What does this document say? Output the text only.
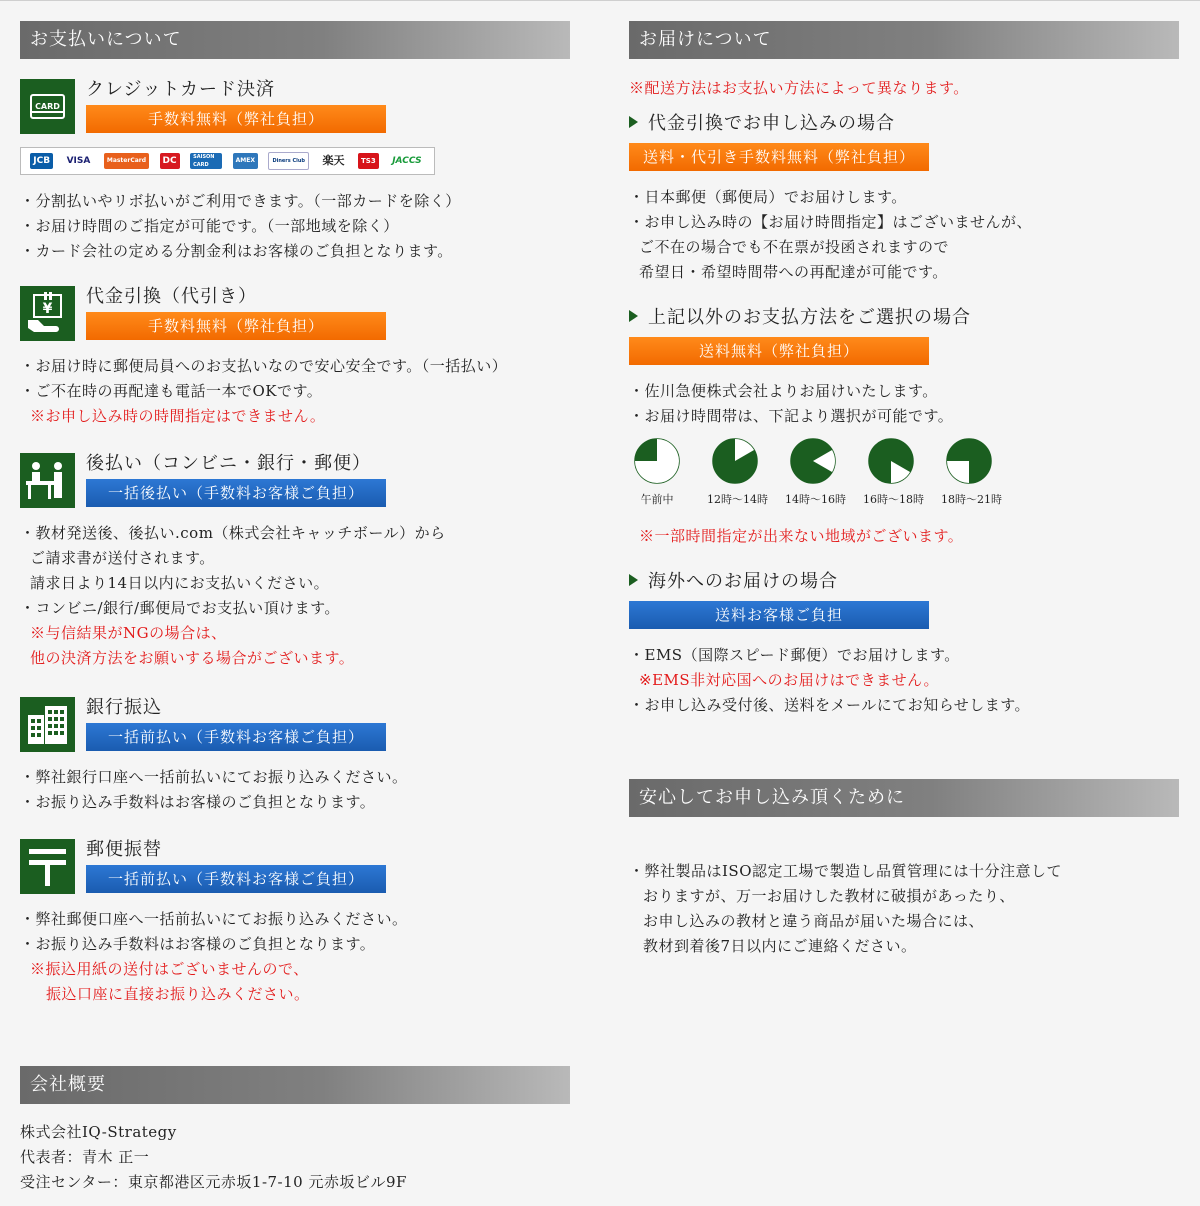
お支払いについて
CARD
クレジットカード決済
手数料無料（弊社負担）
JCB	VISA	MasterCard	DC	SAISON CARD
AMEX	Diners Club	楽天	TS3	JACCS
・分割払いやリボ払いがご利用できます。（一部カードを除く）
・お届け時間のご指定が可能です。（一部地域を除く）
・カード会社の定める分割金利はお客様のご負担となります。
¥
代金引換（代引き）
手数料無料（弊社負担）
・お届け時に郵便局員へのお支払いなので安心安全です。（一括払い）
・ご不在時の再配達も電話一本でOKです。
※お申し込み時の時間指定はできません。
後払い（コンビニ・銀行・郵便）
一括後払い（手数料お客様ご負担）
・教材発送後、後払い.com（株式会社キャッチボール）から
ご請求書が送付されます。
請求日より14日以内にお支払いください。
・コンビニ/銀行/郵便局でお支払い頂けます。
※与信結果がNGの場合は、
他の決済方法をお願いする場合がございます。
銀行振込
一括前払い（手数料お客様ご負担）
・弊社銀行口座へ一括前払いにてお振り込みください。
・お振り込み手数料はお客様のご負担となります。
郵便振替
一括前払い（手数料お客様ご負担）
・弊社郵便口座へ一括前払いにてお振り込みください。
・お振り込み手数料はお客様のご負担となります。
※振込用紙の送付はございませんので、
振込口座に直接お振り込みください。
会社概要
株式会社IQ-Strategy
代表者：青木 正一
受注センター：東京都港区元赤坂1-7-10 元赤坂ビル9F
お届けについて
※配送方法はお支払い方法によって異なります。
代金引換でお申し込みの場合
送料・代引き手数料無料（弊社負担）
・日本郵便（郵便局）でお届けします。
・お申し込み時の【お届け時間指定】はございませんが、
ご不在の場合でも不在票が投函されますので
希望日・希望時間帯への再配達が可能です。
上記以外のお支払方法をご選択の場合
送料無料（弊社負担）
・佐川急便株式会社よりお届けいたします。
・お届け時間帯は、下記より選択が可能です。
午前中	12時〜14時 14時〜16時 16時〜18時 18時〜21時
※一部時間指定が出来ない地域がございます。
海外へのお届けの場合
送料お客様ご負担
・EMS（国際スピード郵便）でお届けします。
※EMS非対応国へのお届けはできません。
・お申し込み受付後、送料をメールにてお知らせします。
安心してお申し込み頂くために
・弊社製品はISO認定工場で製造し品質管理には十分注意して
おりますが、万一お届けした教材に破損があったり、
お申し込みの教材と違う商品が届いた場合には、
教材到着後7日以内にご連絡ください。
